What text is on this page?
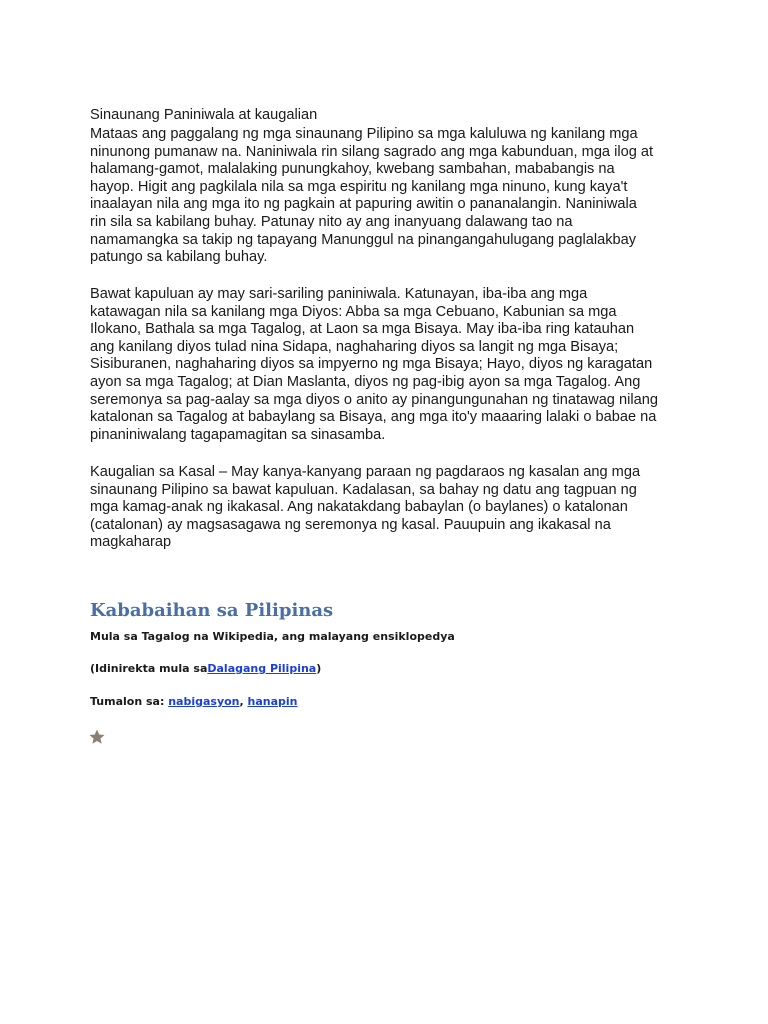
Sinaunang Paniniwala at kaugalian

Mataas ang paggalang ng mga sinaunang Pilipino sa mga kaluluwa ng kanilang mga

ninunong pumanaw na. Naniniwala rin silang sagrado ang mga kabunduan, mga ilog at

halamang-gamot, malalaking punungkahoy, kwebang sambahan, mababangis na

hayop. Higit ang pagkilala nila sa mga espiritu ng kanilang mga ninuno, kung kaya't

inaalayan nila ang mga ito ng pagkain at papuring awitin o pananalangin. Naniniwala

rin sila sa kabilang buhay. Patunay nito ay ang inanyuang dalawang tao na

namamangka sa takip ng tapayang Manunggul na pinangangahulugang paglalakbay

patungo sa kabilang buhay.

Bawat kapuluan ay may sari-sariling paniniwala. Katunayan, iba-iba ang mga

katawagan nila sa kanilang mga Diyos: Abba sa mga Cebuano, Kabunian sa mga

Ilokano, Bathala sa mga Tagalog, at Laon sa mga Bisaya. May iba-iba ring katauhan

ang kanilang diyos tulad nina Sidapa, naghaharing diyos sa langit ng mga Bisaya;

Sisiburanen, naghaharing diyos sa impyerno ng mga Bisaya; Hayo, diyos ng karagatan

ayon sa mga Tagalog; at Dian Maslanta, diyos ng pag-ibig ayon sa mga Tagalog. Ang

seremonya sa pag-aalay sa mga diyos o anito ay pinangungunahan ng tinatawag nilang

katalonan sa Tagalog at babaylang sa Bisaya, ang mga ito'y maaaring lalaki o babae na

pinaniniwalang tagapamagitan sa sinasamba.

Kaugalian sa Kasal – May kanya-kanyang paraan ng pagdaraos ng kasalan ang mga

sinaunang Pilipino sa bawat kapuluan. Kadalasan, sa bahay ng datu ang tagpuan ng

mga kamag-anak ng ikakasal. Ang nakatakdang babaylan (o baylanes) o katalonan

(catalonan) ay magsasagawa ng seremonya ng kasal. Pauupuin ang ikakasal na

magkaharap

Kababaihan sa Pilipinas

Mula sa Tagalog na Wikipedia, ang malayang ensiklopedya

(Idinirekta mula saDalagang Pilipina)

Tumalon sa: nabigasyon, hanapin
